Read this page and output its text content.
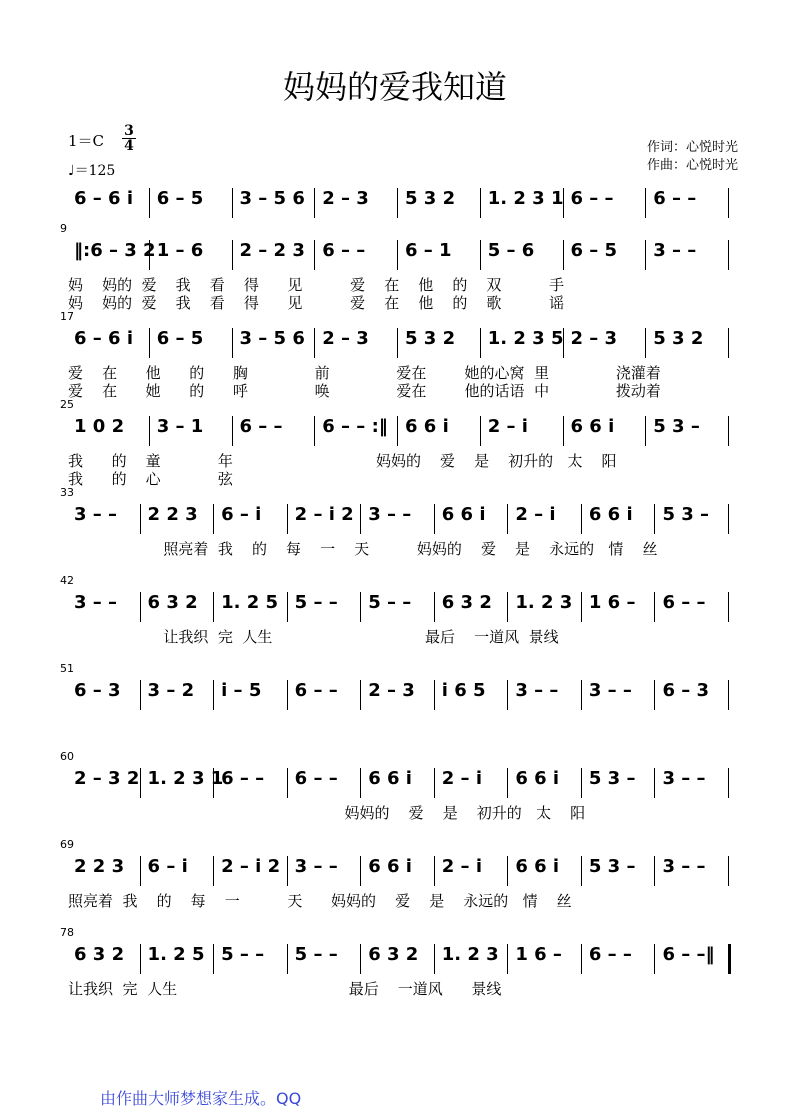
妈妈的爱我知道
1＝C
3
4
♩＝125
作词：心悦时光
作曲：心悦时光
6 – 6 i 6 – 5 3 – 5 6 2 – 3 5 3 2 1. 2 3 1 6 – – 6 – –
9
‖:6 – 3 2 1 – 6 2 – 2 3 6 – – 6 – 1 5 – 6 6 – 5 3 – –
妈    妈的  爱    我    看    得      见          爱    在    他    的    双          手
妈    妈的  爱    我    看    得      见          爱    在    他    的    歌          谣
17
6 – 6 i 6 – 5 3 – 5 6 2 – 3 5 3 2 1. 2 3 5 2 – 3 5 3 2
爱    在      他      的      胸              前              爱在        她的心窝  里              浇灌着
爱    在      她      的      呼              唤              爱在        他的话语  中              拨动着
25
1 0 2 3 – 1 6 – – 6 – – :‖ 6 6 i 2 – i 6 6 i 5 3 –
我      的    童            年                              妈妈的    爱    是    初升的   太    阳
我      的    心            弦
33
3 – – 2 2 3 6 – i 2 – i 2 3 – – 6 6 i 2 – i 6 6 i 5 3 –
照亮着  我    的    每    一    天          妈妈的    爱    是    永远的   情    丝
42
3 – – 6 3 2 1. 2 5 5 – – 5 – – 6 3 2 1. 2 3 1 6 – 6 – –
让我织  完  人生                                最后    一道风  景线
51
6 – 3 3 – 2 i – 5 6 – – 2 – 3 i 6 5 3 – – 3 – – 6 – 3
60
2 – 3 2 1. 2 3 1
6 – – 6 – – 6 6 i 2 – i 6 6 i 5 3 – 3 – –
妈妈的    爱    是    初升的   太    阳
69
2 2 3 6 – i 2 – i 2 3 – – 6 6 i 2 – i 6 6 i 5 3 – 3 – –
照亮着  我    的    每    一          天      妈妈的    爱    是    永远的   情    丝
78
6 3 2 1. 2 5 5 – – 5 – – 6 3 2 1. 2 3 1 6 – 6 – – 6 – –‖
让我织  完  人生                                    最后    一道风      景线
由作曲大师梦想家生成。QQ
